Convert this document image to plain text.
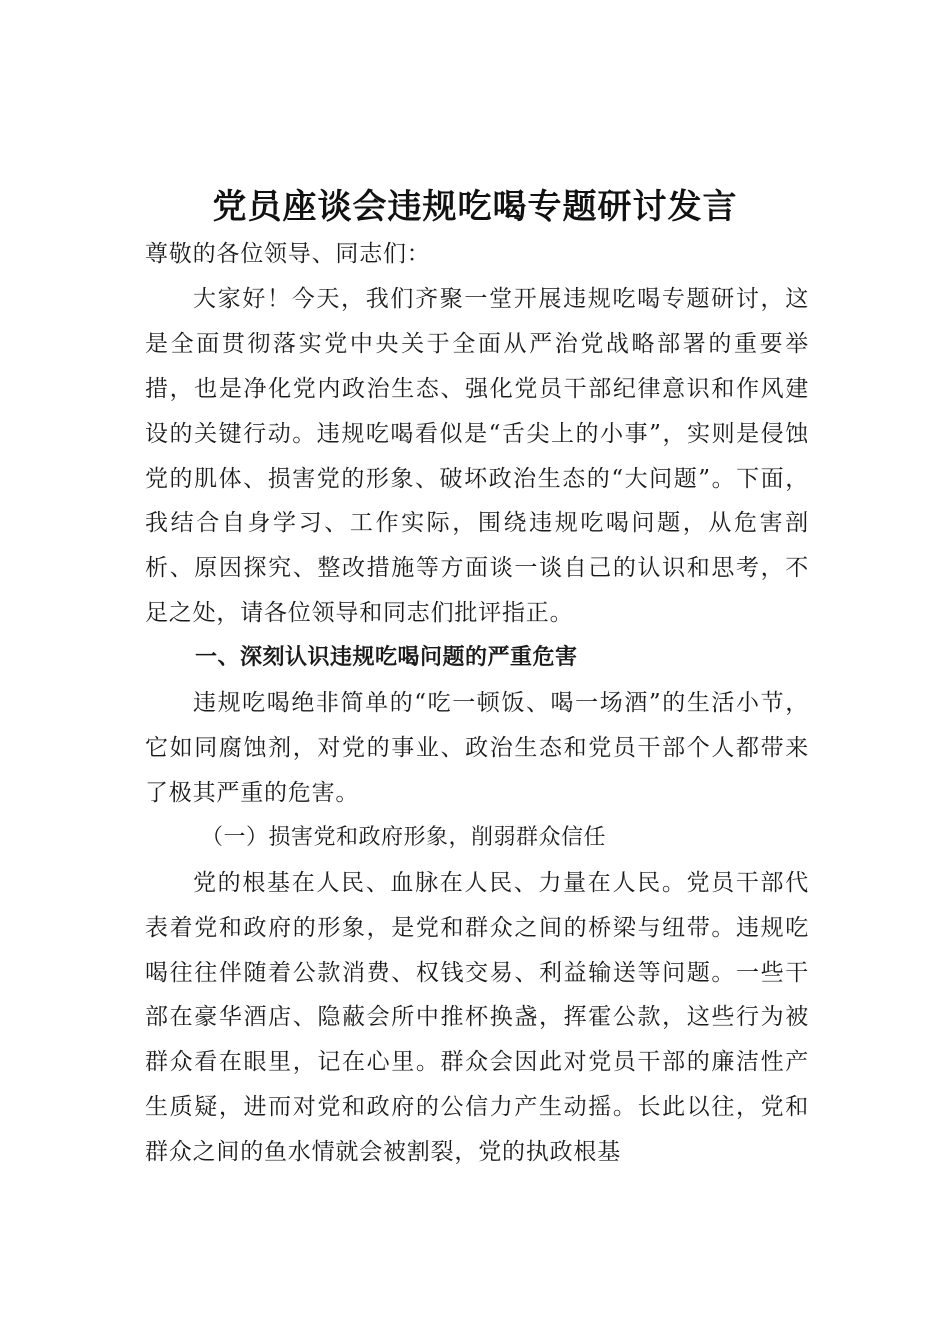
党员座谈会违规吃喝专题研讨发言

尊敬的各位领导、同志们：

大家好！今天，我们齐聚一堂开展违规吃喝专题研讨，这是全面贯彻落实党中央关于全面从严治党战略部署的重要举措，也是净化党内政治生态、强化党员干部纪律意识和作风建设的关键行动。违规吃喝看似是“舌尖上的小事”，实则是侵蚀党的肌体、损害党的形象、破坏政治生态的“大问题”。下面，我结合自身学习、工作实际，围绕违规吃喝问题，从危害剖析、原因探究、整改措施等方面谈一谈自己的认识和思考，不足之处，请各位领导和同志们批评指正。

一、深刻认识违规吃喝问题的严重危害

违规吃喝绝非简单的“吃一顿饭、喝一场酒”的生活小节，它如同腐蚀剂，对党的事业、政治生态和党员干部个人都带来了极其严重的危害。

（一）损害党和政府形象，削弱群众信任

党的根基在人民、血脉在人民、力量在人民。党员干部代表着党和政府的形象，是党和群众之间的桥梁与纽带。违规吃喝往往伴随着公款消费、权钱交易、利益输送等问题。一些干部在豪华酒店、隐蔽会所中推杯换盏，挥霍公款，这些行为被群众看在眼里，记在心里。群众会因此对党员干部的廉洁性产生质疑，进而对党和政府的公信力产生动摇。长此以往，党和群众之间的鱼水情就会被割裂，党的执政根基
